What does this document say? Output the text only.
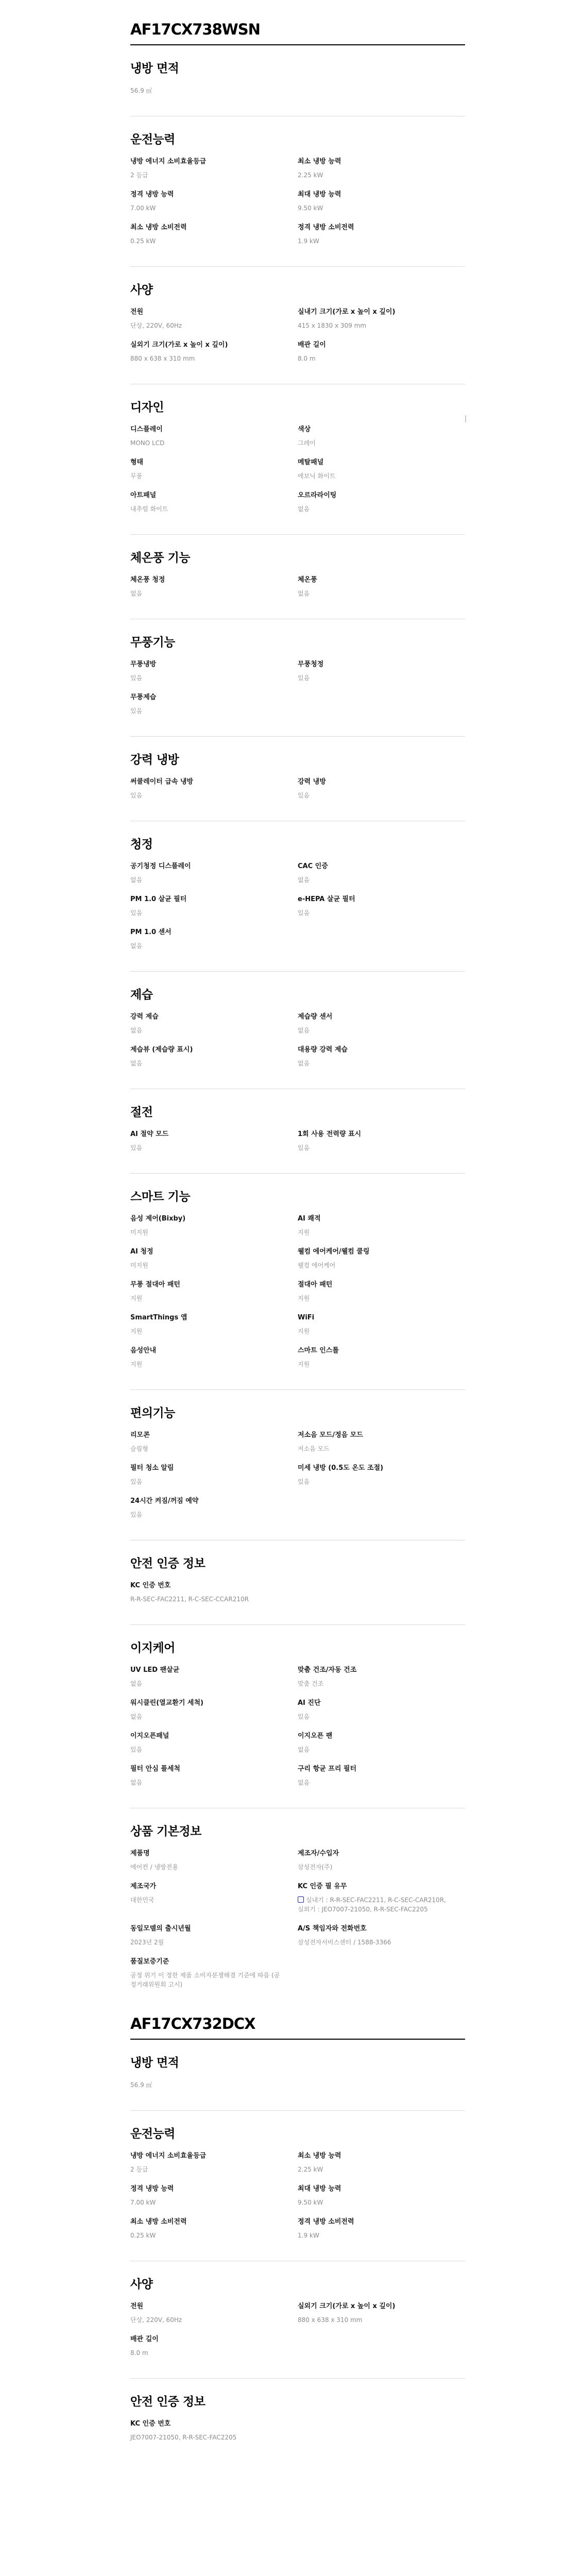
AF17CX738WSN
냉방 면적
56.9 ㎡
운전능력
냉방 에너지 소비효율등급
2 등급
최소 냉방 능력
2.25 kW
정격 냉방 능력
7.00 kW
최대 냉방 능력
9.50 kW
최소 냉방 소비전력
0.25 kW
정격 냉방 소비전력
1.9 kW
사양
전원
단상, 220V, 60Hz
실내기 크기(가로 x 높이 x 깊이)
415 x 1830 x 309 mm
실외기 크기(가로 x 높이 x 깊이)
880 x 638 x 310 mm
배관 길이
8.0 m
디자인
디스플레이
MONO LCD
색상
그레이
형태
무풍
메탈패널
에보닉 화이트
아트패널
내추럴 화이트
오르라라이팅
없음
체온풍 기능
체온풍 청정
없음
체온풍
없음
무풍기능
무풍냉방
있음
무풍청정
있음
무풍제습
있음
강력 냉방
써큘레이터 급속 냉방
있음
강력 냉방
있음
청정
공기청정 디스플레이
없음
CAC 인증
없음
PM 1.0 살균 필터
있음
e-HEPA 살균 필터
있음
PM 1.0 센서
없음
제습
강력 제습
없음
제습량 센서
없음
제습뷰 (제습량 표시)
없음
대용량 강력 제습
없음
절전
AI 절약 모드
있음
1회 사용 전력량 표시
있음
스마트 기능
음성 제어(Bixby)
미지원
AI 쾌적
지원
AI 청정
미지원
웰컴 에어케어/웰컴 쿨링
웰컴 에어케어
무풍 절대아 패턴
지원
절대아 패턴
지원
SmartThings 앱
지원
WiFi
지원
음성안내
지원
스마트 인스톨
지원
편의기능
리모콘
슬림형
저소음 모드/정음 모드
저소음 모드
필터 청소 알림
있음
미세 냉방 (0.5도 온도 조절)
있음
24시간 켜짐/꺼짐 예약
있음
안전 인증 정보
KC 인증 번호
R-R-SEC-FAC2211, R-C-SEC-CCAR210R
이지케어
UV LED 팬살균
없음
맞춤 건조/자동 건조
맞춤 건조
워시클린(열교환기 세척)
없음
AI 진단
있음
이지오픈패널
있음
이지오픈 팬
없음
필터 안심 플세척
없음
구리 항균 프리 필터
없음
상품 기본정보
제품명
에어컨 / 냉방전용
제조자/수입자
삼성전자(주)
제조국가
대한민국
KC 인증 필 유무
실내기 : R-R-SEC-FAC2211, R-C-SEC-CAR210R, 실외기 : JEO7007-21050, R-R-SEC-FAC2205
동일모델의 출시년월
2023년 2월
A/S 책임자와 전화번호
삼성전자서비스센터 / 1588-3366
품질보증기준
공정 위기 이 정한 제품 소비자분쟁해결 기준에 따름 (공정거래위원회 고시)
AF17CX732DCX
냉방 면적
56.9 ㎡
운전능력
냉방 에너지 소비효율등급
2 등급
최소 냉방 능력
2.25 kW
정격 냉방 능력
7.00 kW
최대 냉방 능력
9.50 kW
최소 냉방 소비전력
0.25 kW
정격 냉방 소비전력
1.9 kW
사양
전원
단상, 220V, 60Hz
실외기 크기(가로 x 높이 x 깊이)
880 x 638 x 310 mm
배관 길이
8.0 m
안전 인증 정보
KC 인증 번호
JEO7007-21050, R-R-SEC-FAC2205
